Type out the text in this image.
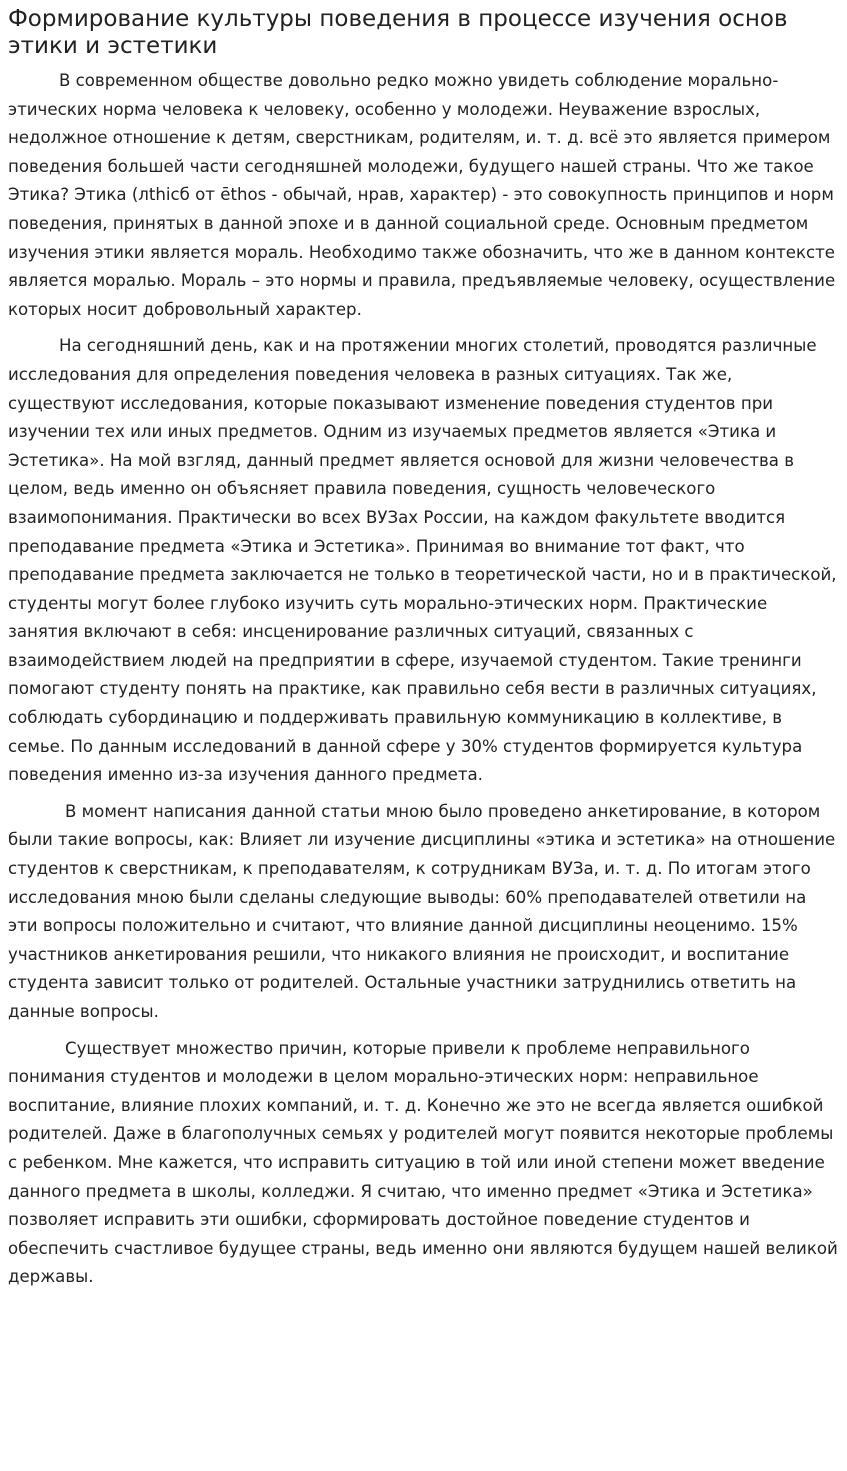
Формирование культуры поведения в процессе изучения основ этики и эстетики

В современном обществе довольно редко можно увидеть соблюдение морально-этических норма человека к человеку, особенно у молодежи. Неуважение взрослых, недолжное отношение к детям, сверстникам, родителям, и. т. д. всё это является примером поведения большей части сегодняшней молодежи, будущего нашей страны. Что же такое Этика? Этика (лthicб от ēthos - обычай, нрав, характер) - это совокупность принципов и норм поведения, принятых в данной эпохе и в данной социальной среде. Основным предметом изучения этики является мораль. Необходимо также обозначить, что же в данном контексте является моралью. Мораль – это нормы и правила, предъявляемые человеку, осуществление которых носит добровольный характер.

На сегодняшний день, как и на протяжении многих столетий, проводятся различные исследования для определения поведения человека в разных ситуациях. Так же, существуют исследования, которые показывают изменение поведения студентов при изучении тех или иных предметов. Одним из изучаемых предметов является «Этика и Эстетика». На мой взгляд, данный предмет является основой для жизни человечества в целом, ведь именно он объясняет правила поведения, сущность человеческого взаимопонимания. Практически во всех ВУЗах России, на каждом факультете вводится преподавание предмета «Этика и Эстетика». Принимая во внимание тот факт, что преподавание предмета заключается не только в теоретической части, но и в практической, студенты могут более глубоко изучить суть морально-этических норм. Практические занятия включают в себя: инсценирование различных ситуаций, связанных с взаимодействием людей на предприятии в сфере, изучаемой студентом. Такие тренинги помогают студенту понять на практике, как правильно себя вести в различных ситуациях, соблюдать субординацию и поддерживать правильную коммуникацию в коллективе, в семье. По данным исследований в данной сфере у 30% студентов формируется культура поведения именно из-за изучения данного предмета.

В момент написания данной статьи мною было проведено анкетирование, в котором были такие вопросы, как: Влияет ли изучение дисциплины «этика и эстетика» на отношение студентов к сверстникам, к преподавателям, к сотрудникам ВУЗа, и. т. д. По итогам этого исследования мною были сделаны следующие выводы: 60% преподавателей ответили на эти вопросы положительно и считают, что влияние данной дисциплины неоценимо. 15% участников анкетирования решили, что никакого влияния не происходит, и воспитание студента зависит только от родителей. Остальные участники затруднились ответить на данные вопросы.

Существует множество причин, которые привели к проблеме неправильного понимания студентов и молодежи в целом морально-этических норм: неправильное воспитание, влияние плохих компаний, и. т. д. Конечно же это не всегда является ошибкой родителей. Даже в благополучных семьях у родителей могут появится некоторые проблемы с ребенком. Мне кажется, что исправить ситуацию в той или иной степени может введение данного предмета в школы, колледжи. Я считаю, что именно предмет «Этика и Эстетика» позволяет исправить эти ошибки, сформировать достойное поведение студентов и обеспечить счастливое будущее страны, ведь именно они являются будущем нашей великой державы.
